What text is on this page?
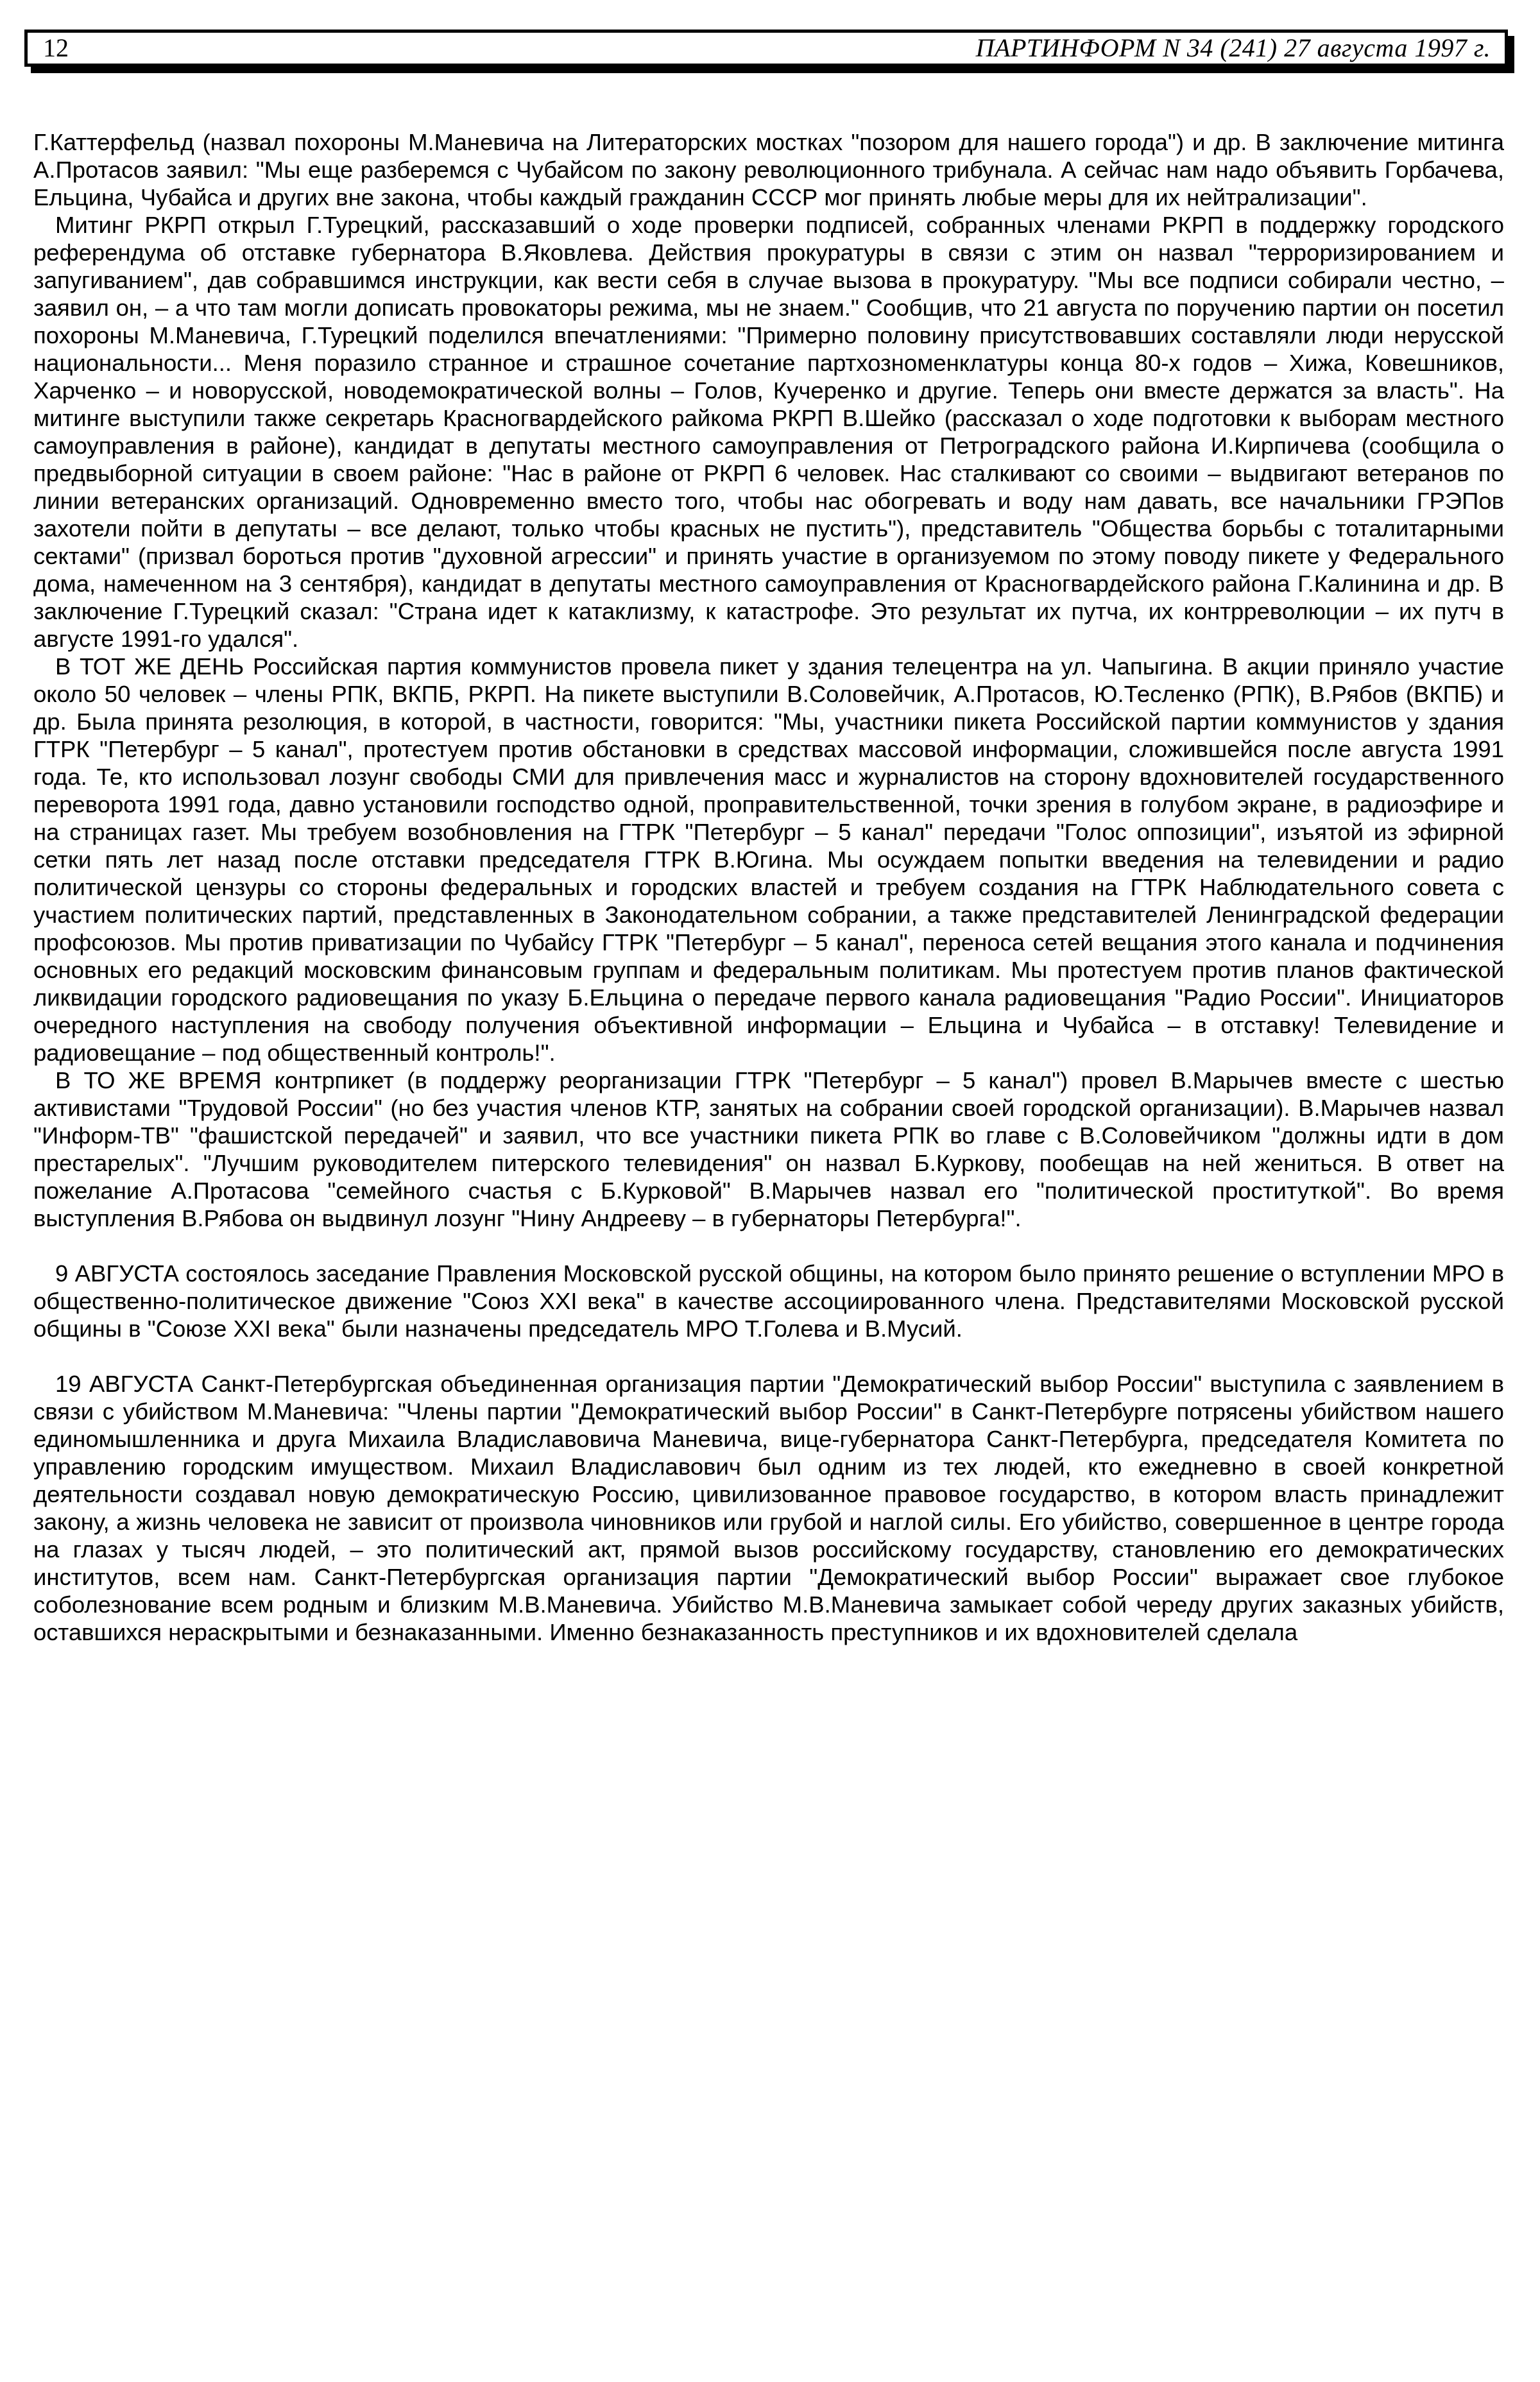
12	ПАРТИНФОРМ N 34 (241) 27 августа 1997 г.

Г.Каттерфельд (назвал похороны М.Маневича на Литераторских мостках "позором для нашего города") и др. В заключение митинга А.Протасов заявил: "Мы еще разберемся с Чубайсом по закону революционного трибунала. А сейчас нам надо объявить Горбачева, Ельцина, Чубайса и других вне закона, чтобы каждый гражданин СССР мог принять любые меры для их нейтрализации".

Митинг РКРП открыл Г.Турецкий, рассказавший о ходе проверки подписей, собранных членами РКРП в поддержку городского референдума об отставке губернатора В.Яковлева. Действия прокуратуры в связи с этим он назвал "терроризированием и запугиванием", дав собравшимся инструкции, как вести себя в случае вызова в прокуратуру. "Мы все подписи собирали честно, – заявил он, – а что там могли дописать провокаторы режима, мы не знаем." Сообщив, что 21 августа по поручению партии он посетил похороны М.Маневича, Г.Турецкий поделился впечатлениями: "Примерно половину присутствовавших составляли люди нерусской национальности... Меня поразило странное и страшное сочетание партхозноменклатуры конца 80-х годов – Хижа, Ковешников, Харченко – и новорусской, новодемократической волны – Голов, Кучеренко и другие. Теперь они вместе держатся за власть". На митинге выступили также секретарь Красногвардейского райкома РКРП В.Шейко (рассказал о ходе подготовки к выборам местного самоуправления в районе), кандидат в депутаты местного самоуправления от Петроградского района И.Кирпичева (сообщила о предвыборной ситуации в своем районе: "Нас в районе от РКРП 6 человек. Нас сталкивают со своими – выдвигают ветеранов по линии ветеранских организаций. Одновременно вместо того, чтобы нас обогревать и воду нам давать, все начальники ГРЭПов захотели пойти в депутаты – все делают, только чтобы красных не пустить"), представитель "Общества борьбы с тоталитарными сектами" (призвал бороться против "духовной агрессии" и принять участие в организуемом по этому поводу пикете у Федерального дома, намеченном на 3 сентября), кандидат в депутаты местного самоуправления от Красногвардейского района Г.Калинина и др. В заключение Г.Турецкий сказал: "Страна идет к катаклизму, к катастрофе. Это результат их путча, их контрреволюции – их путч в августе 1991-го удался".

В ТОТ ЖЕ ДЕНЬ Российская партия коммунистов провела пикет у здания телецентра на ул. Чапыгина. В акции приняло участие около 50 человек – члены РПК, ВКПБ, РКРП. На пикете выступили В.Соловейчик, А.Протасов, Ю.Тесленко (РПК), В.Рябов (ВКПБ) и др. Была принята резолюция, в которой, в частности, говорится: "Мы, участники пикета Российской партии коммунистов у здания ГТРК "Петербург – 5 канал", протестуем против обстановки в средствах массовой информации, сложившейся после августа 1991 года. Те, кто использовал лозунг свободы СМИ для привлечения масс и журналистов на сторону вдохновителей государственного переворота 1991 года, давно установили господство одной, проправительственной, точки зрения в голубом экране, в радиоэфире и на страницах газет. Мы требуем возобновления на ГТРК "Петербург – 5 канал" передачи "Голос оппозиции", изъятой из эфирной сетки пять лет назад после отставки председателя ГТРК В.Югина. Мы осуждаем попытки введения на телевидении и радио политической цензуры со стороны федеральных и городских властей и требуем создания на ГТРК Наблюдательного совета с участием политических партий, представленных в Законодательном собрании, а также представителей Ленинградской федерации профсоюзов. Мы против приватизации по Чубайсу ГТРК "Петербург – 5 канал", переноса сетей вещания этого канала и подчинения основных его редакций московским финансовым группам и федеральным политикам. Мы протестуем против планов фактической ликвидации городского радиовещания по указу Б.Ельцина о передаче первого канала радиовещания "Радио России". Инициаторов очередного наступления на свободу получения объективной информации – Ельцина и Чубайса – в отставку! Телевидение и радиовещание – под общественный контроль!".

В ТО ЖЕ ВРЕМЯ контрпикет (в поддержу реорганизации ГТРК "Петербург – 5 канал") провел В.Марычев вместе с шестью активистами "Трудовой России" (но без участия членов КТР, занятых на собрании своей городской организации). В.Марычев назвал "Информ-ТВ" "фашистской передачей" и заявил, что все участники пикета РПК во главе с В.Соловейчиком "должны идти в дом престарелых". "Лучшим руководителем питерского телевидения" он назвал Б.Куркову, пообещав на ней жениться. В ответ на пожелание А.Протасова "семейного счастья с Б.Курковой" В.Марычев назвал его "политической проституткой". Во время выступления В.Рябова он выдвинул лозунг "Нину Андрееву – в губернаторы Петербурга!".

9 АВГУСТА состоялось заседание Правления Московской русской общины, на котором было принято решение о вступлении МРО в общественно-политическое движение "Союз XXI века" в качестве ассоциированного члена. Представителями Московской русской общины в "Союзе XXI века" были назначены председатель МРО Т.Голева и В.Мусий.

19 АВГУСТА Санкт-Петербургская объединенная организация партии "Демократический выбор России" выступила с заявлением в связи с убийством М.Маневича: "Члены партии "Демократический выбор России" в Санкт-Петербурге потрясены убийством нашего единомышленника и друга Михаила Владиславовича Маневича, вице-губернатора Санкт-Петербурга, председателя Комитета по управлению городским имуществом. Михаил Владиславович был одним из тех людей, кто ежедневно в своей конкретной деятельности создавал новую демократическую Россию, цивилизованное правовое государство, в котором власть принадлежит закону, а жизнь человека не зависит от произвола чиновников или грубой и наглой силы. Его убийство, совершенное в центре города на глазах у тысяч людей, – это политический акт, прямой вызов российскому государству, становлению его демократических институтов, всем нам. Санкт-Петербургская организация партии "Демократический выбор России" выражает свое глубокое соболезнование всем родным и близким М.В.Маневича. Убийство М.В.Маневича замыкает собой череду других заказных убийств, оставшихся нераскрытыми и безнаказанными. Именно безнаказанность преступников и их вдохновителей сделала
